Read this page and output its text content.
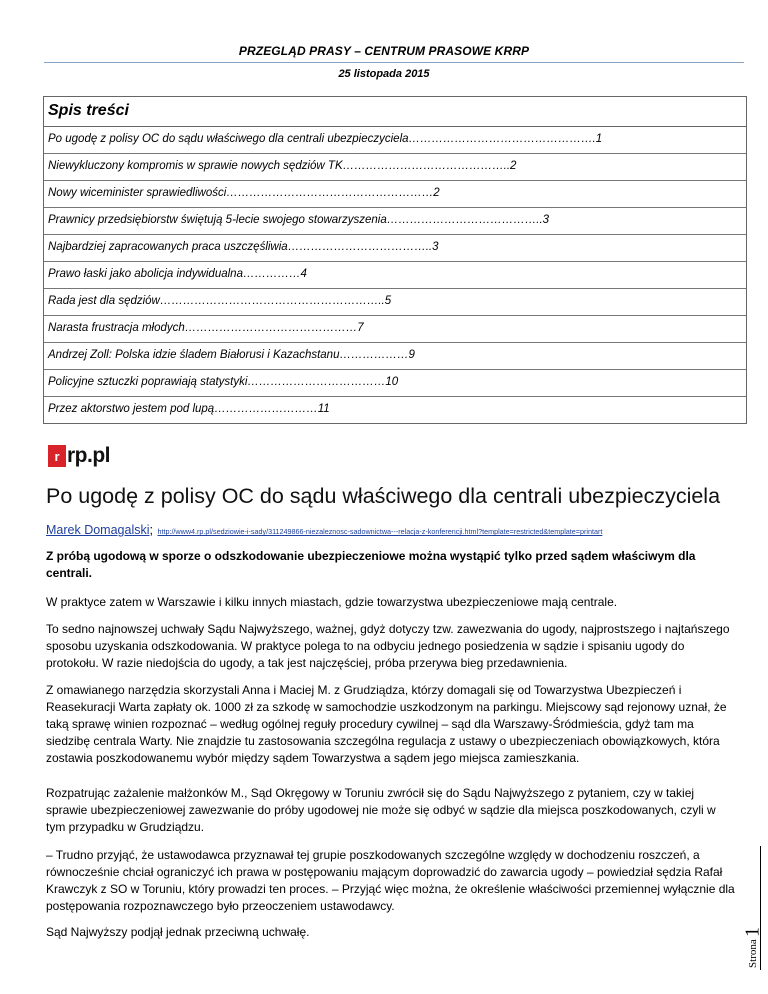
PRZEGLĄD PRASY – CENTRUM PRASOWE KRRP
25 listopada 2015
Spis treści
Po ugodę z polisy OC do sądu właściwego dla centrali ubezpieczyciela………………………………………….1
Niewykluczony kompromis w sprawie nowych sędziów TK……………………………………..2
Nowy wiceminister sprawiedliwości………………………………………………2
Prawnicy przedsiębiorstw świętują 5-lecie swojego stowarzyszenia…………………………………..3
Najbardziej zapracowanych praca uszczęśliwia………………………………..3
Prawo łaski jako abolicja indywidualna……………4
Rada jest dla sędziów…………………………………………………..5
Narasta frustracja młodych………………………………………7
Andrzej Zoll: Polska idzie śladem Białorusi i Kazachstanu………………9
Policyjne sztuczki poprawiają statystyki………………………………10
Przez aktorstwo jestem pod lupą………………………11
r rp.pl
Po ugodę z polisy OC do sądu właściwego dla centrali ubezpieczyciela
Marek Domagalski; http://www4.rp.pl/sedziowie-i-sady/311249866-niezaleznosc-sadownictwa---relacja-z-konferencji.html?template=restricted&template=printart
Z próbą ugodową w sporze o odszkodowanie ubezpieczeniowe można wystąpić tylko przed sądem właściwym dla centrali.
W praktyce zatem w Warszawie i kilku innych miastach, gdzie towarzystwa ubezpieczeniowe mają centrale.
To sedno najnowszej uchwały Sądu Najwyższego, ważnej, gdyż dotyczy tzw. zawezwania do ugody, najprostszego i najtańszego sposobu uzyskania odszkodowania. W praktyce polega to na odbyciu jednego posiedzenia w sądzie i spisaniu ugody do protokołu. W razie niedojścia do ugody, a tak jest najczęściej, próba przerywa bieg przedawnienia.
Z omawianego narzędzia skorzystali Anna i Maciej M. z Grudziądza, którzy domagali się od Towarzystwa Ubezpieczeń i Reasekuracji Warta zapłaty ok. 1000 zł za szkodę w samochodzie uszkodzonym na parkingu. Miejscowy sąd rejonowy uznał, że taką sprawę winien rozpoznać – według ogólnej reguły procedury cywilnej – sąd dla Warszawy-Śródmieścia, gdyż tam ma siedzibę centrala Warty. Nie znajdzie tu zastosowania szczególna regulacja z ustawy o ubezpieczeniach obowiązkowych, która zostawia poszkodowanemu wybór między sądem Towarzystwa a sądem jego miejsca zamieszkania.
Rozpatrując zażalenie małżonków M., Sąd Okręgowy w Toruniu zwrócił się do Sądu Najwyższego z pytaniem, czy w takiej sprawie ubezpieczeniowej zawezwanie do próby ugodowej nie może się odbyć w sądzie dla miejsca poszkodowanych, czyli w tym przypadku w Grudziądzu.
– Trudno przyjąć, że ustawodawca przyznawał tej grupie poszkodowanych szczególne względy w dochodzeniu roszczeń, a równocześnie chciał ograniczyć ich prawa w postępowaniu mającym doprowadzić do zawarcia ugody – powiedział sędzia Rafał Krawczyk z SO w Toruniu, który prowadzi ten proces. – Przyjąć więc można, że określenie właściwości przemiennej wyłącznie dla postępowania rozpoznawczego było przeoczeniem ustawodawcy.
Sąd Najwyższy podjął jednak przeciwną uchwałę.
Strona
1
